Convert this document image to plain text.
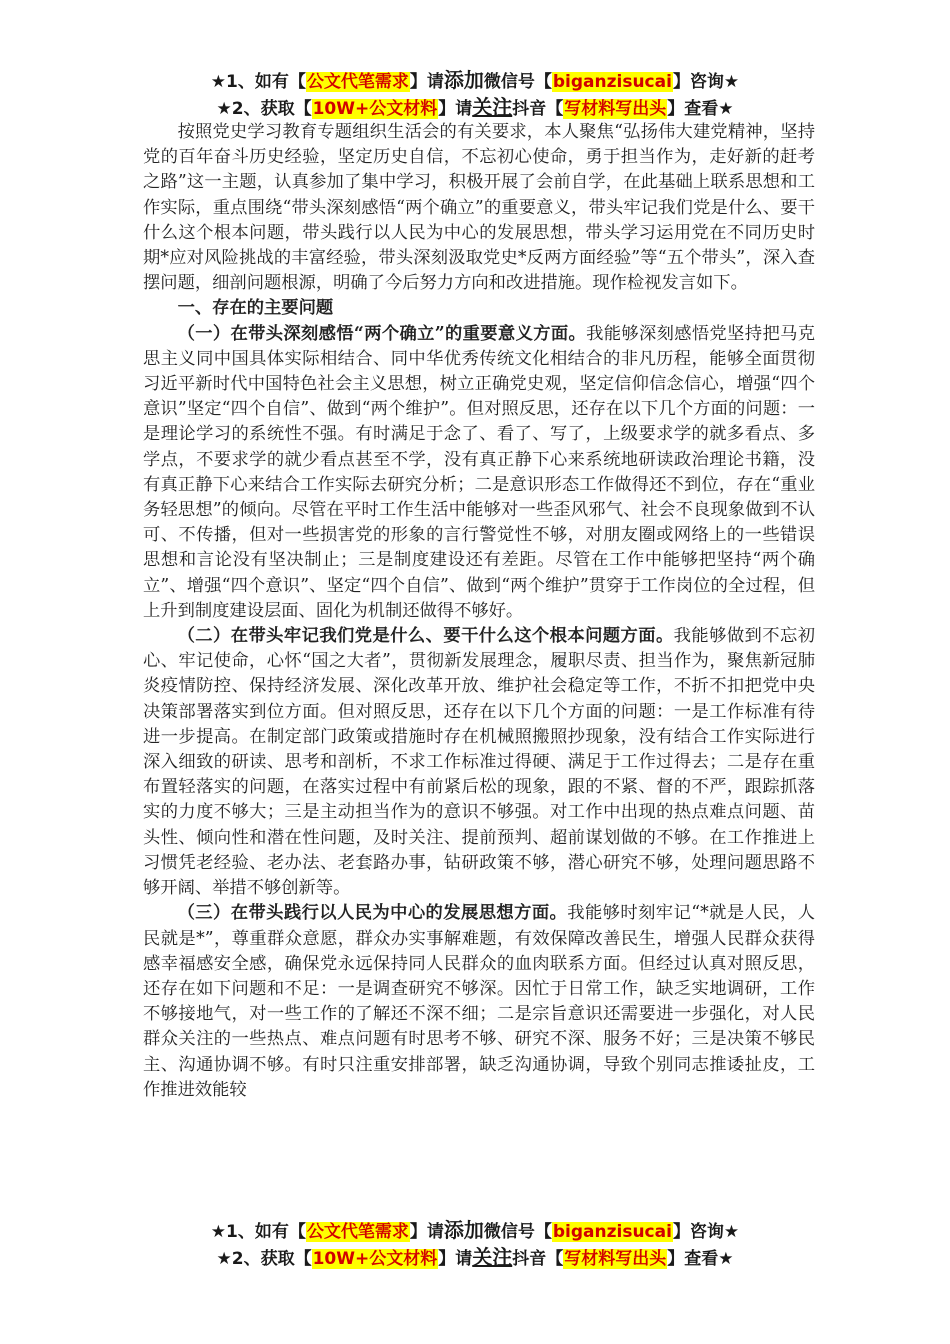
★1、如有【公文代笔需求】请添加微信号【biganzisucai】咨询★
★2、获取【10W+公文材料】请关注抖音【写材料写出头】查看★

按照党史学习教育专题组织生活会的有关要求，本人聚焦“弘扬伟大建党精神，坚持党的百年奋斗历史经验，坚定历史自信，不忘初心使命，勇于担当作为，走好新的赶考之路”这一主题，认真参加了集中学习，积极开展了会前自学，在此基础上联系思想和工作实际，重点围绕“带头深刻感悟“两个确立”的重要意义，带头牢记我们党是什么、要干什么这个根本问题，带头践行以人民为中心的发展思想，带头学习运用党在不同历史时期*应对风险挑战的丰富经验，带头深刻汲取党史*反两方面经验”等“五个带头”，深入查摆问题，细剖问题根源，明确了今后努力方向和改进措施。现作检视发言如下。

一、存在的主要问题

（一）在带头深刻感悟“两个确立”的重要意义方面。我能够深刻感悟党坚持把马克思主义同中国具体实际相结合、同中华优秀传统文化相结合的非凡历程，能够全面贯彻习近平新时代中国特色社会主义思想，树立正确党史观，坚定信仰信念信心，增强“四个意识”坚定“四个自信”、做到“两个维护”。但对照反思，还存在以下几个方面的问题：一是理论学习的系统性不强。有时满足于念了、看了、写了，上级要求学的就多看点、多学点，不要求学的就少看点甚至不学，没有真正静下心来系统地研读政治理论书籍，没有真正静下心来结合工作实际去研究分析；二是意识形态工作做得还不到位，存在“重业务轻思想”的倾向。尽管在平时工作生活中能够对一些歪风邪气、社会不良现象做到不认可、不传播，但对一些损害党的形象的言行警觉性不够，对朋友圈或网络上的一些错误思想和言论没有坚决制止；三是制度建设还有差距。尽管在工作中能够把坚持“两个确立”、增强“四个意识”、坚定“四个自信”、做到“两个维护”贯穿于工作岗位的全过程，但上升到制度建设层面、固化为机制还做得不够好。

（二）在带头牢记我们党是什么、要干什么这个根本问题方面。我能够做到不忘初心、牢记使命，心怀“国之大者”，贯彻新发展理念，履职尽责、担当作为，聚焦新冠肺炎疫情防控、保持经济发展、深化改革开放、维护社会稳定等工作，不折不扣把党中央决策部署落实到位方面。但对照反思，还存在以下几个方面的问题：一是工作标准有待进一步提高。在制定部门政策或措施时存在机械照搬照抄现象，没有结合工作实际进行深入细致的研读、思考和剖析，不求工作标准过得硬、满足于工作过得去；二是存在重布置轻落实的问题，在落实过程中有前紧后松的现象，跟的不紧、督的不严，跟踪抓落实的力度不够大；三是主动担当作为的意识不够强。对工作中出现的热点难点问题、苗头性、倾向性和潜在性问题，及时关注、提前预判、超前谋划做的不够。在工作推进上习惯凭老经验、老办法、老套路办事，钻研政策不够，潜心研究不够，处理问题思路不够开阔、举措不够创新等。

（三）在带头践行以人民为中心的发展思想方面。我能够时刻牢记“*就是人民，人民就是*”，尊重群众意愿，群众办实事解难题，有效保障改善民生，增强人民群众获得感幸福感安全感，确保党永远保持同人民群众的血肉联系方面。但经过认真对照反思，还存在如下问题和不足：一是调查研究不够深。因忙于日常工作，缺乏实地调研，工作不够接地气，对一些工作的了解还不深不细；二是宗旨意识还需要进一步强化，对人民群众关注的一些热点、难点问题有时思考不够、研究不深、服务不好；三是决策不够民主、沟通协调不够。有时只注重安排部署，缺乏沟通协调，导致个别同志推诿扯皮，工作推进效能较

★1、如有【公文代笔需求】请添加微信号【biganzisucai】咨询★
★2、获取【10W+公文材料】请关注抖音【写材料写出头】查看★
